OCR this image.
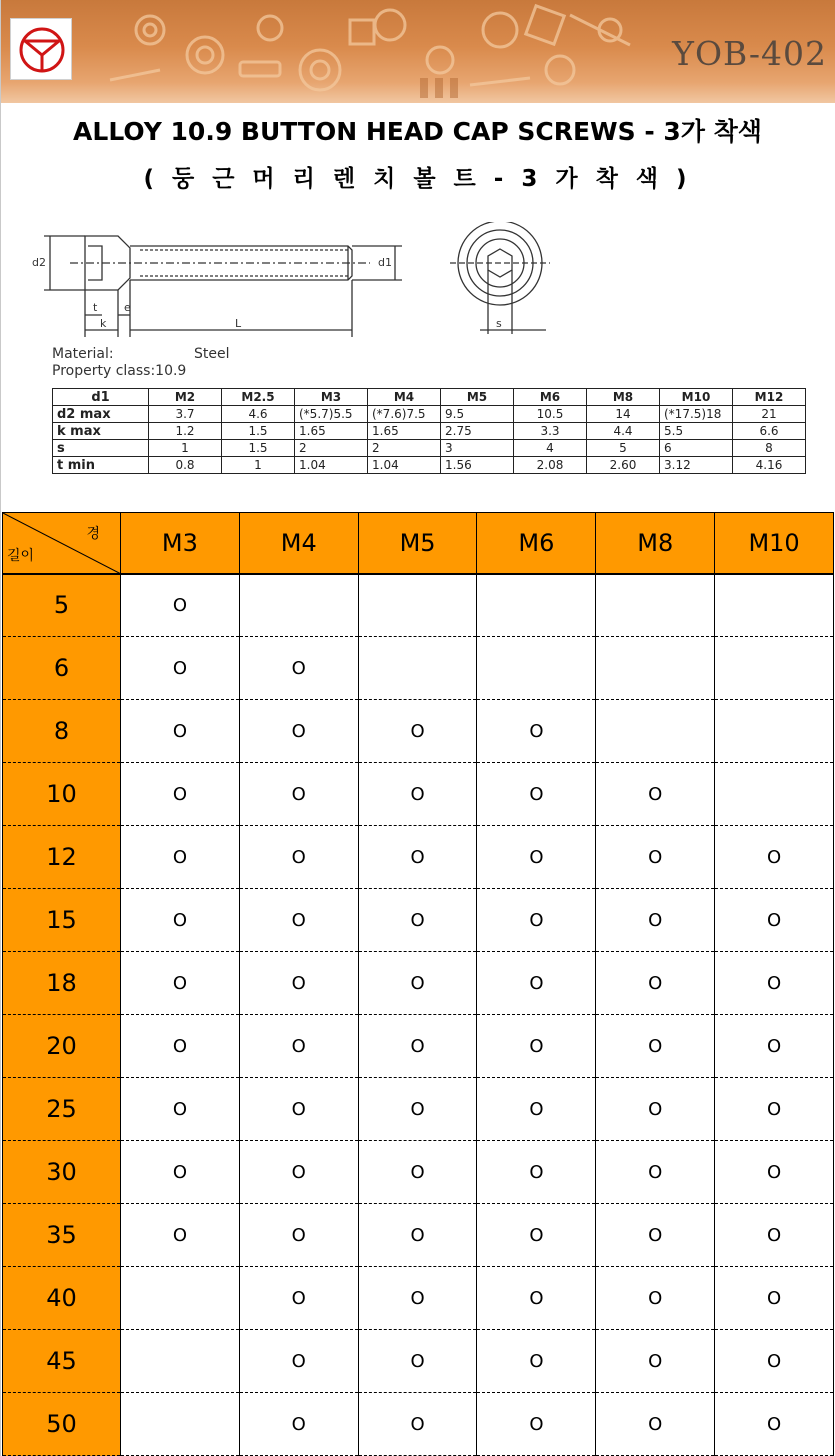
YOB-402
ALLOY 10.9 BUTTON HEAD CAP SCREWS - 3가 착색
( 둥 근 머 리 렌 치 볼 트 - 3 가 착 색 )
d2	d1
t
k
e
L	s
Material:	Steel
Property class:10.9
d1	M2	M2.5	M3	M4	M5	M6	M8	M10	M12
d2 max	3.7	4.6	(*5.7)5.5	(*7.6)7.5	9.5	10.5	14	(*17.5)18	21
k max	1.2	1.5	1.65	1.65	2.75	3.3	4.4	5.5	6.6
s	1	1.5	2	2	3	4	5	6	8
t min	0.8	1	1.04	1.04	1.56	2.08	2.60	3.12	4.16
경
길이	M3	M4	M5	M6	M8	M10
5	O					
6	O	O				
8	O	O	O	O		
10	O	O	O	O	O	
12	O	O	O	O	O	O
15	O	O	O	O	O	O
18	O	O	O	O	O	O
20	O	O	O	O	O	O
25	O	O	O	O	O	O
30	O	O	O	O	O	O
35	O	O	O	O	O	O
40		O	O	O	O	O
45		O	O	O	O	O
50		O	O	O	O	O
